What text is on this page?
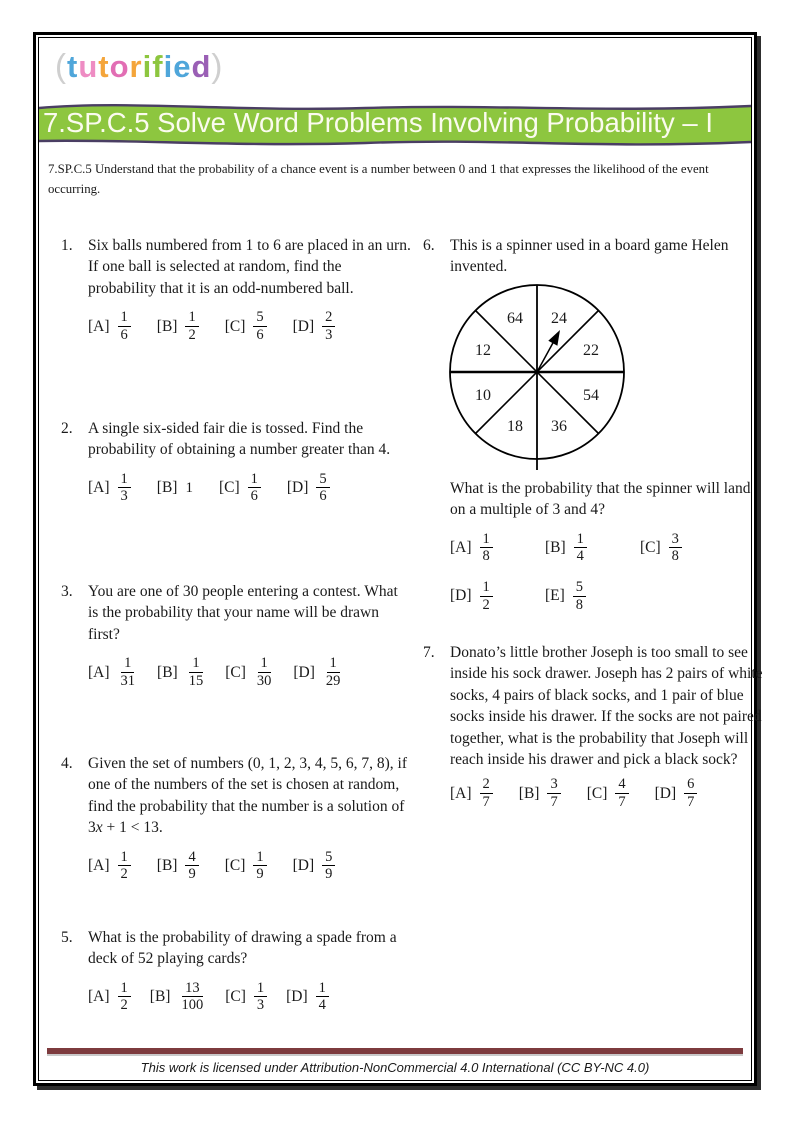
(tutorified)
7.SP.C.5 Solve Word Problems Involving Probability – I
7.SP.C.5 Understand that the probability of a chance event is a number between 0 and 1 that expresses the likelihood of the event occurring.
1. Six balls numbered from 1 to 6 are placed in an urn. If one ball is selected at random, find the probability that it is an odd-numbered ball.
$[A] \frac{1}{6} [B] \frac{1}{2} [C] \frac{5}{6} [D] \frac{2}{3}$
2. A single six-sided fair die is tossed. Find the probability of obtaining a number greater than 4.
$[A] \frac{1}{3} [B]$ 1 $[C] \frac{1}{6} [D] \frac{5}{6}$
3. You are one of 30 people entering a contest. What is the probability that your name will be drawn first?
$[A] \frac{1}{31} [B] \frac{1}{15} [C] \frac{1}{30} [D] \frac{1}{29}$
4. Given the set of numbers (0, 1, 2, 3, 4, 5, 6, 7, 8), if one of the numbers of the set is chosen at random, find the probability that the number is a solution of 3x + 1 < 13.
$[A] \frac{1}{2} [B] \frac{4}{9} [C] \frac{1}{9} [D] \frac{5}{9}$
5. What is the probability of drawing a spade from a deck of 52 playing cards?
$[A] \frac{1}{2} [B] \frac{13}{100} [C] \frac{1}{3} [D] \frac{1}{4}$
6. This is a spinner used in a board game Helen invented.
64 24
12	22
10	54
18 36
What is the probability that the spinner will land on a multiple of 3 and 4?
$[A] \frac{1}{8}$	$[B] \frac{1}{4}$	$[C] \frac{3}{8}$
$[D] \frac{1}{2}$	$[E] \frac{5}{8}$
7. Donato’s little brother Joseph is too small to see inside his sock drawer. Joseph has 2 pairs of white socks, 4 pairs of black socks, and 1 pair of blue socks inside his drawer. If the socks are not paired together, what is the probability that Joseph will reach inside his drawer and pick a black sock?
$[A] \frac{2}{7} [B] \frac{3}{7} [C] \frac{4}{7} [D] \frac{6}{7}$
This work is licensed under Attribution-NonCommercial 4.0 International (CC BY-NC 4.0)
